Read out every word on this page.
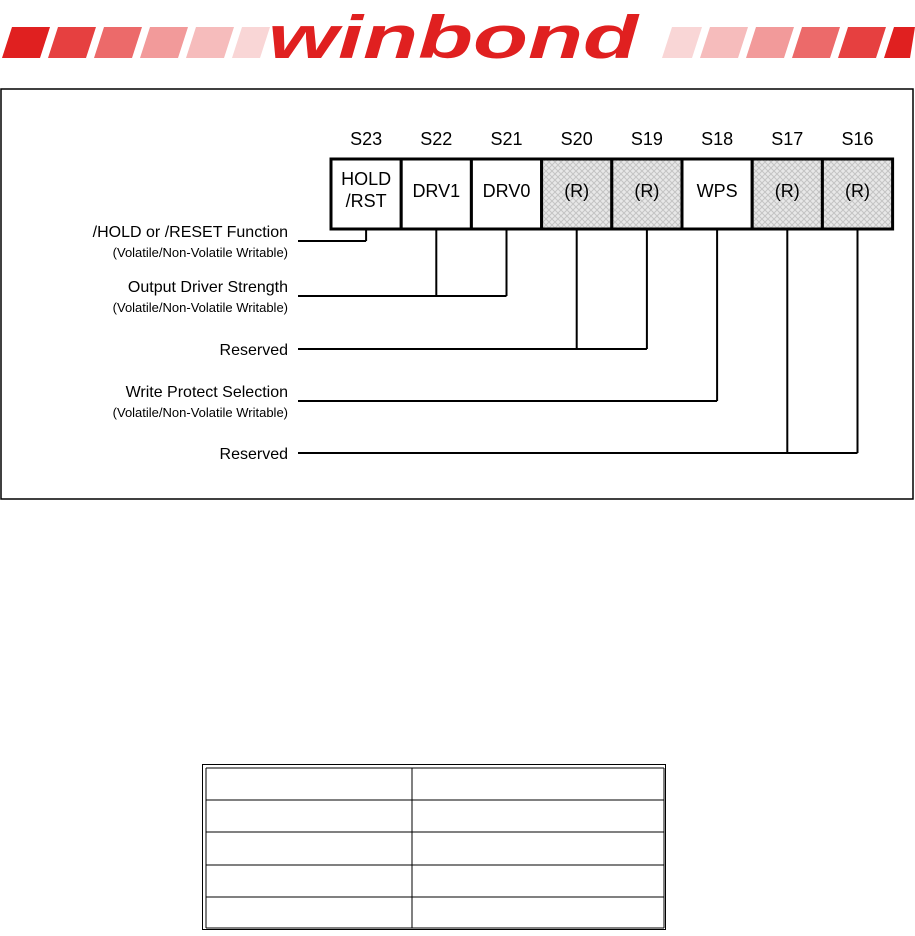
winbond
S23 S22 S21 S20 S19 S18 S17 S16
HOLD /RST DRV1 DRV0 (R)	(R) WPS (R)	(R)
/HOLD or /RESET Function
(Volatile/Non-Volatile Writable)
Output Driver Strength
(Volatile/Non-Volatile Writable)
Reserved
Write Protect Selection
(Volatile/Non-Volatile Writable)
Reserved
